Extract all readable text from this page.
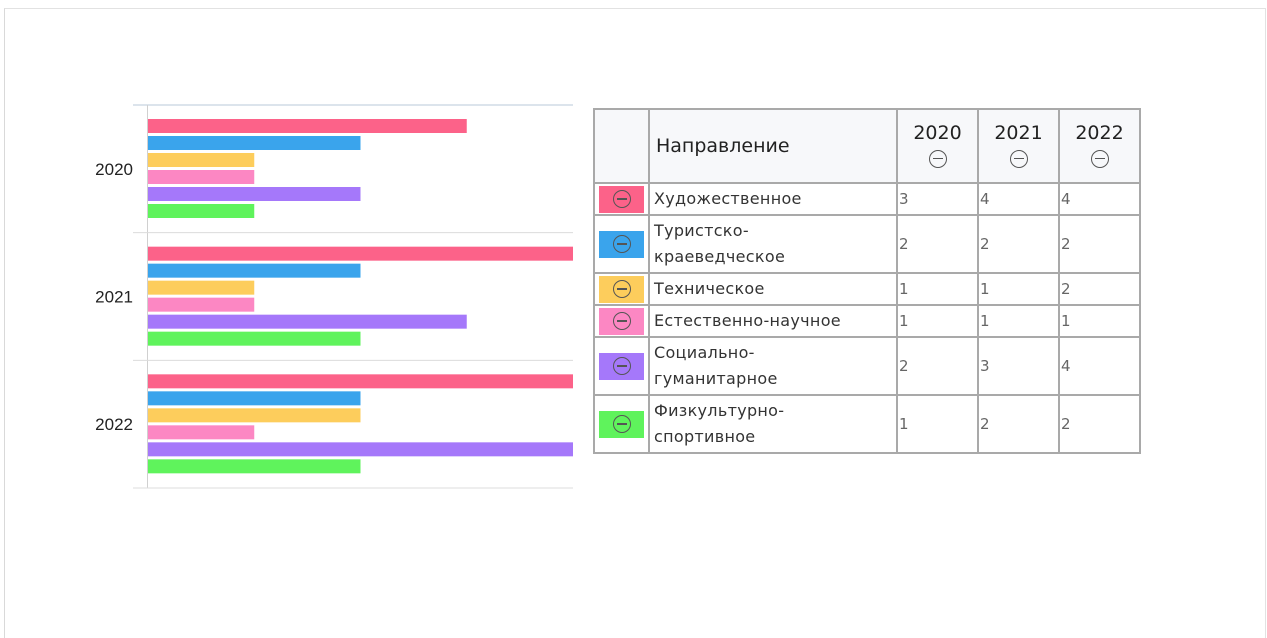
2020
2021
2022
	Направление	2020	2021	2022

	Художественное	3	4	4

	Туристско-
краеведческое	2	2	2

	Техническое	1	1	2

	Естественно-научное	1	1	1

	Социально-
гуманитарное	2	3	4

	Физкультурно-
спортивное	1	2	2
